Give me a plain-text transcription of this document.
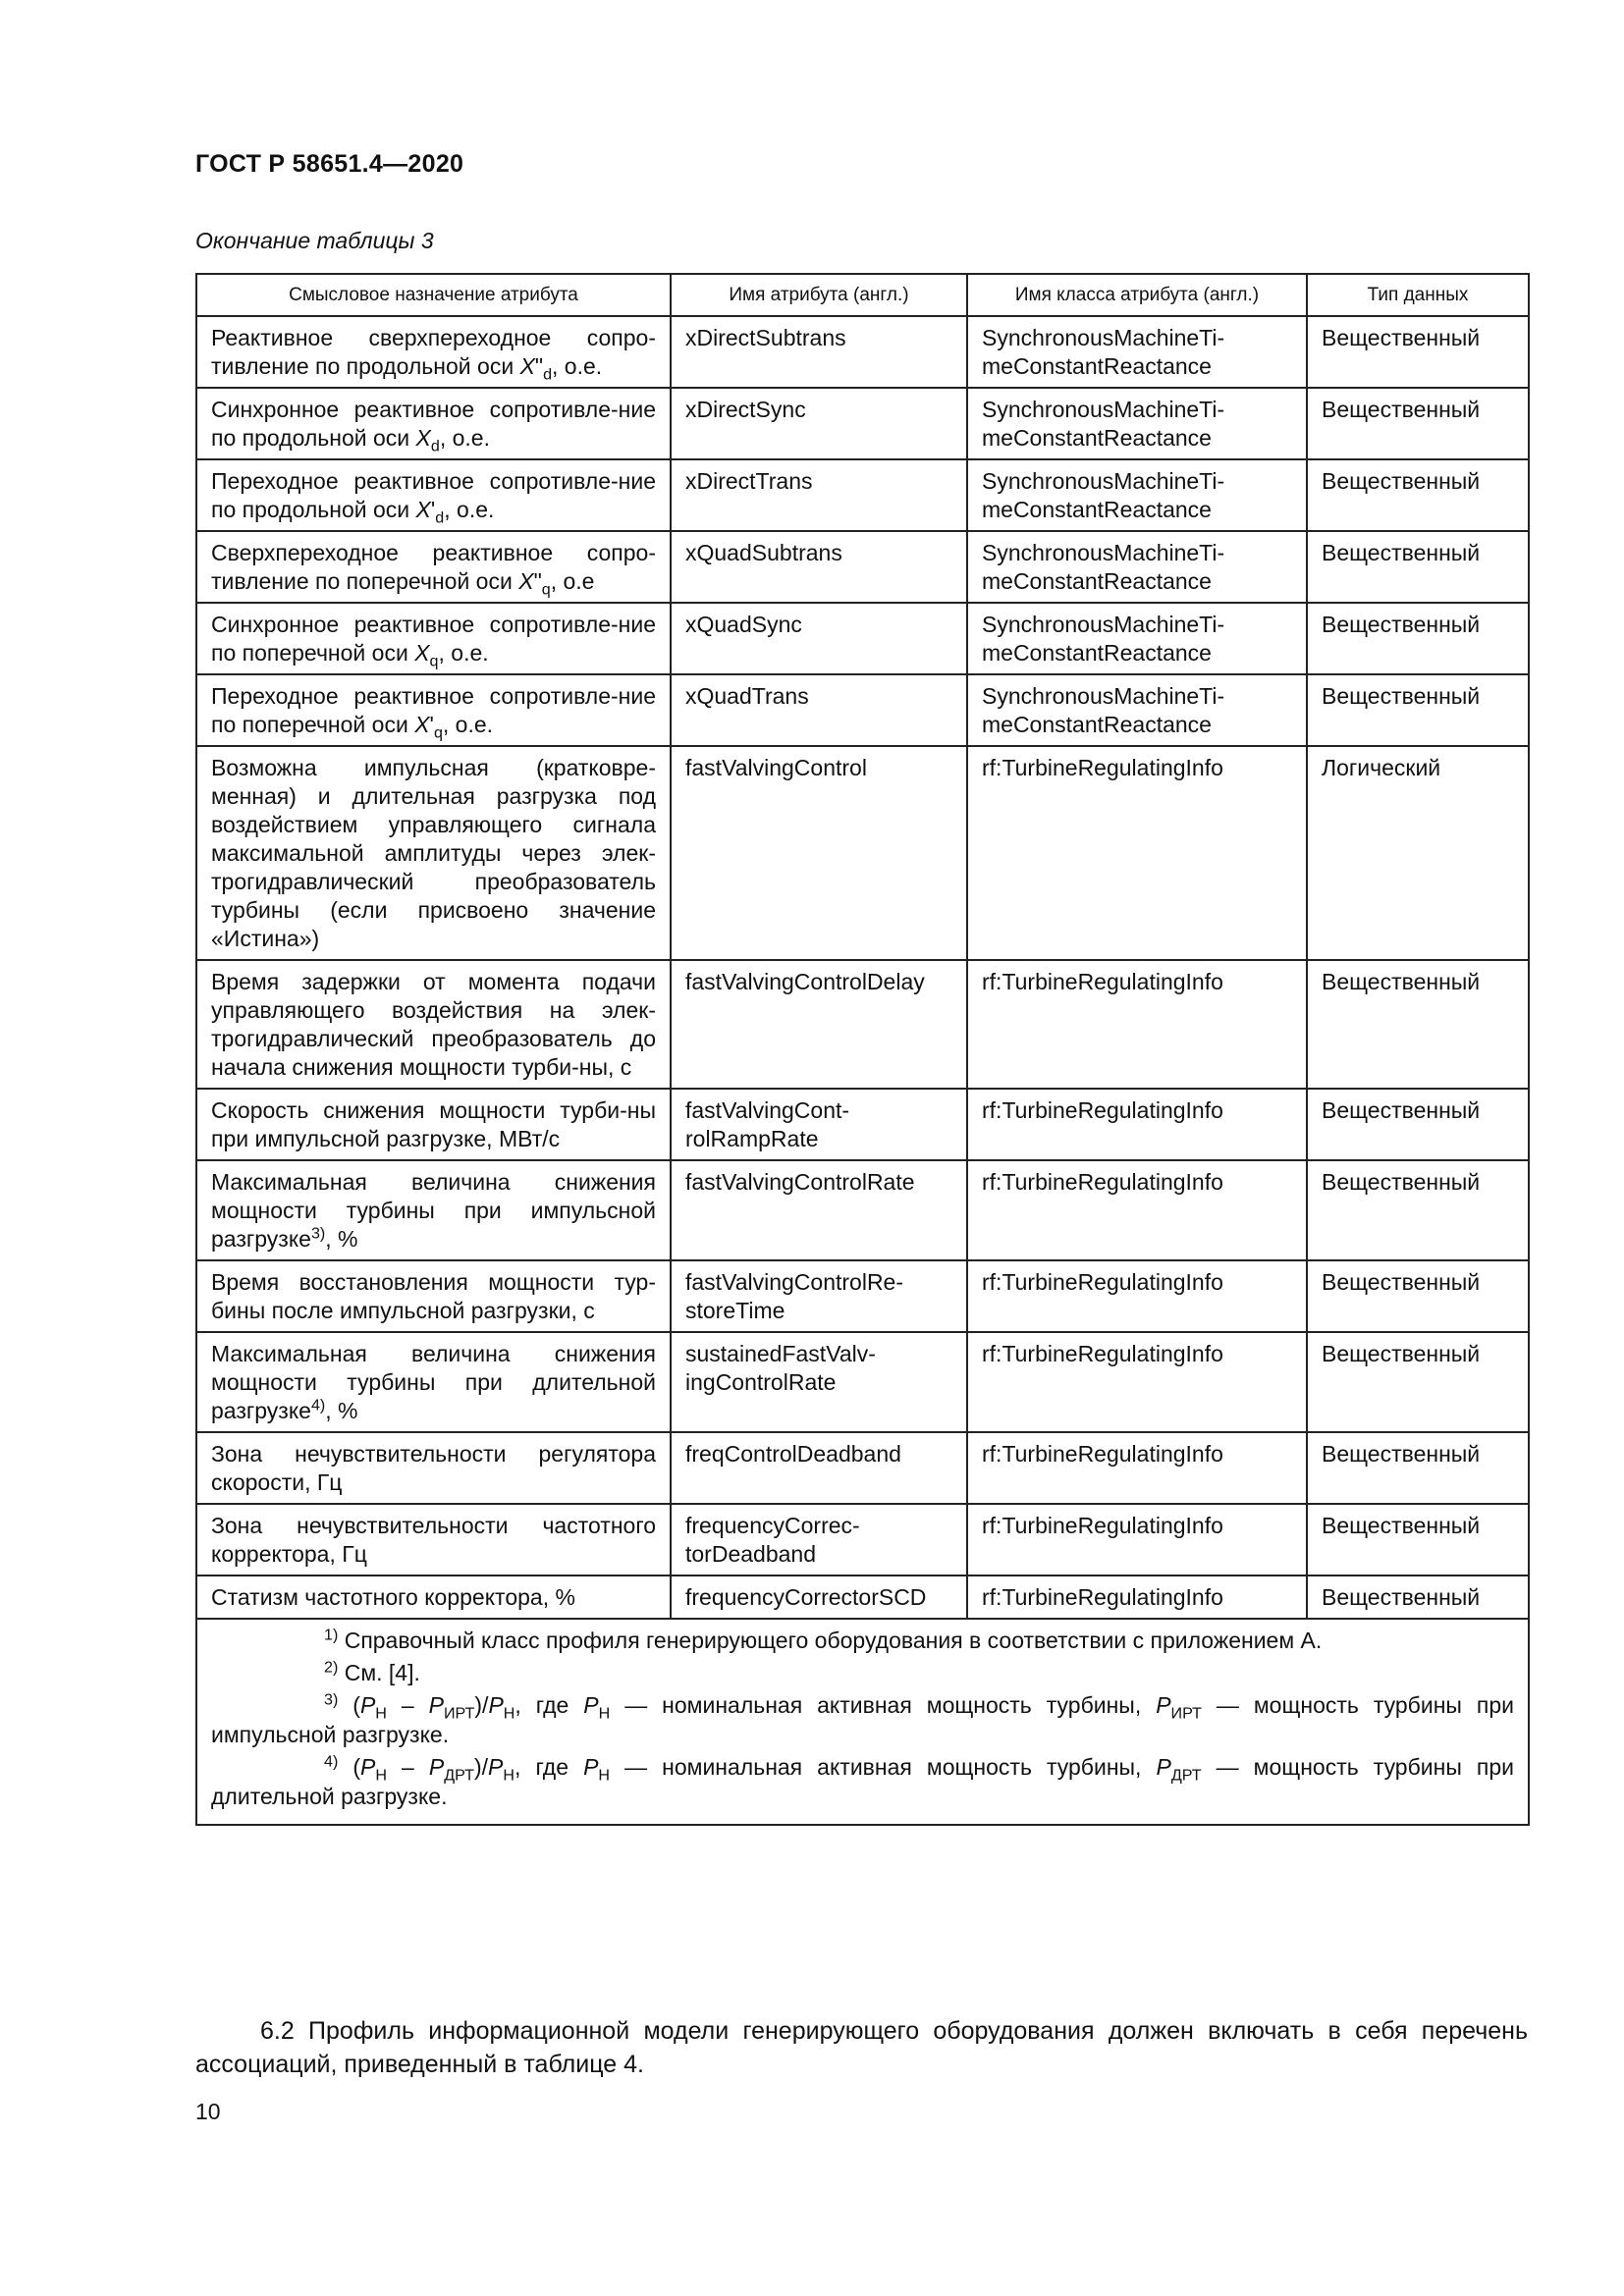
ГОСТ Р 58651.4—2020
Окончание таблицы 3
Смысловое назначение атрибута	Имя атрибута (англ.)	Имя класса атрибута (англ.)	Тип данных
Реактивное сверхпереходное сопро-тивление по продольной оси $X"_d$, о.е.	xDirectSubtrans	SynchronousMachineTi-meConstantReactance	Вещественный
Синхронное реактивное сопротивле-ние по продольной оси $X_d$, о.е.	xDirectSync	SynchronousMachineTi-meConstantReactance	Вещественный
Переходное реактивное сопротивле-ние по продольной оси $X'_d$, о.е.	xDirectTrans	SynchronousMachineTi-meConstantReactance	Вещественный
Сверхпереходное реактивное сопро-тивление по поперечной оси $X"_q$, о.е	xQuadSubtrans	SynchronousMachineTi-meConstantReactance	Вещественный
Синхронное реактивное сопротивле-ние по поперечной оси $X_q$, о.е.	xQuadSync	SynchronousMachineTi-meConstantReactance	Вещественный
Переходное реактивное сопротивле-ние по поперечной оси $X'_q$, о.е.	xQuadTrans	SynchronousMachineTi-meConstantReactance	Вещественный
Возможна импульсная (кратковре-менная) и длительная разгрузка под воздействием управляющего сигнала максимальной амплитуды через элек-трогидравлический преобразователь турбины (если присвоено значение «Истина»)	fastValvingControl	rf:TurbineRegulatingInfo	Логический
Время задержки от момента подачи управляющего воздействия на элек-трогидравлический преобразователь до начала снижения мощности турби-ны, с	fastValvingControlDelay	rf:TurbineRegulatingInfo	Вещественный
Скорость снижения мощности турби-ны при импульсной разгрузке, МВт/с	fastValvingCont-rolRampRate	rf:TurbineRegulatingInfo	Вещественный
Максимальная величина снижения мощности турбины при импульсной разгрузке$^{3)}$, %	fastValvingControlRate	rf:TurbineRegulatingInfo	Вещественный
Время восстановления мощности тур-бины после импульсной разгрузки, с	fastValvingControlRe-storeTime	rf:TurbineRegulatingInfo	Вещественный
Максимальная величина снижения мощности турбины при длительной разгрузке$^{4)}$, %	sustainedFastValv-ingControlRate	rf:TurbineRegulatingInfo	Вещественный
Зона нечувствительности регулятора скорости, Гц	freqControlDeadband	rf:TurbineRegulatingInfo	Вещественный
Зона нечувствительности частотного корректора, Гц	frequencyCorrec-torDeadband	rf:TurbineRegulatingInfo	Вещественный
Статизм частотного корректора, %	frequencyCorrectorSCD	rf:TurbineRegulatingInfo	Вещественный

$^{1)}$ Справочный класс профиля генерирующего оборудования в соответствии с приложением А.

$^{2)}$ См. [4].

$^{3)}$ $(P_Н - P_{ИРТ})/P_Н$, где $P_Н$ — номинальная активная мощность турбины, $P_{ИРТ}$ — мощность турбины при импульсной разгрузке.

$^{4)}$ $(P_Н - P_{ДРТ})/P_Н$, где $P_Н$ — номинальная активная мощность турбины, $P_{ДРТ}$ — мощность турбины при длительной разгрузке.			

6.2 Профиль информационной модели генерирующего оборудования должен включать в себя перечень ассоциаций, приведенный в таблице 4.
10
